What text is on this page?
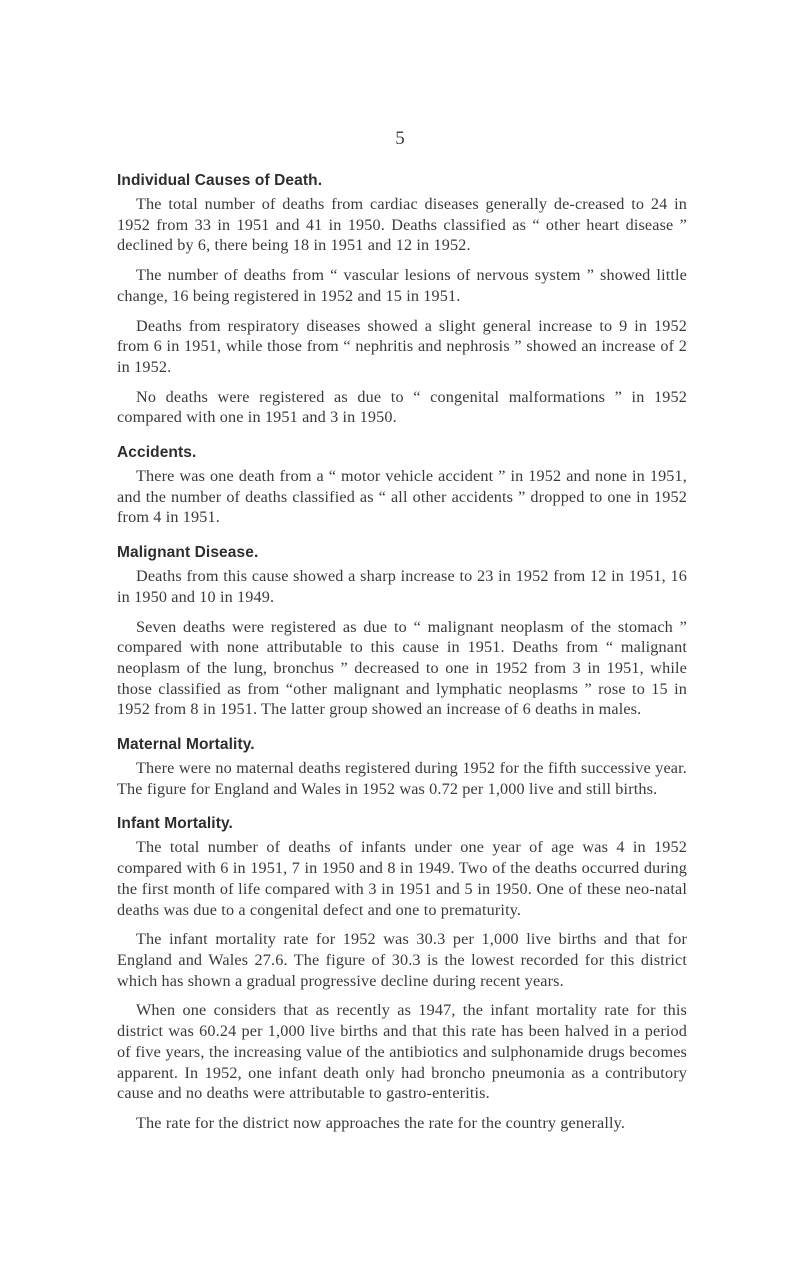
5
Individual Causes of Death.

The total number of deaths from cardiac diseases generally de-creased to 24 in 1952 from 33 in 1951 and 41 in 1950. Deaths classified as “ other heart disease ” declined by 6, there being 18 in 1951 and 12 in 1952.

The number of deaths from “ vascular lesions of nervous system ” showed little change, 16 being registered in 1952 and 15 in 1951.

Deaths from respiratory diseases showed a slight general increase to 9 in 1952 from 6 in 1951, while those from “ nephritis and nephrosis ” showed an increase of 2 in 1952.

No deaths were registered as due to “ congenital malformations ” in 1952 compared with one in 1951 and 3 in 1950.

Accidents.

There was one death from a “ motor vehicle accident ” in 1952 and none in 1951, and the number of deaths classified as “ all other accidents ” dropped to one in 1952 from 4 in 1951.

Malignant Disease.

Deaths from this cause showed a sharp increase to 23 in 1952 from 12 in 1951, 16 in 1950 and 10 in 1949.

Seven deaths were registered as due to “ malignant neoplasm of the stomach ” compared with none attributable to this cause in 1951. Deaths from “ malignant neoplasm of the lung, bronchus ” decreased to one in 1952 from 3 in 1951, while those classified as from “other malignant and lymphatic neoplasms ” rose to 15 in 1952 from 8 in 1951. The latter group showed an increase of 6 deaths in males.

Maternal Mortality.

There were no maternal deaths registered during 1952 for the fifth successive year. The figure for England and Wales in 1952 was 0.72 per 1,000 live and still births.

Infant Mortality.

The total number of deaths of infants under one year of age was 4 in 1952 compared with 6 in 1951, 7 in 1950 and 8 in 1949. Two of the deaths occurred during the first month of life compared with 3 in 1951 and 5 in 1950. One of these neo-natal deaths was due to a congenital defect and one to prematurity.

The infant mortality rate for 1952 was 30.3 per 1,000 live births and that for England and Wales 27.6. The figure of 30.3 is the lowest recorded for this district which has shown a gradual progressive decline during recent years.

When one considers that as recently as 1947, the infant mortality rate for this district was 60.24 per 1,000 live births and that this rate has been halved in a period of five years, the increasing value of the antibiotics and sulphonamide drugs becomes apparent. In 1952, one infant death only had broncho pneumonia as a contributory cause and no deaths were attributable to gastro-enteritis.

The rate for the district now approaches the rate for the country generally.
